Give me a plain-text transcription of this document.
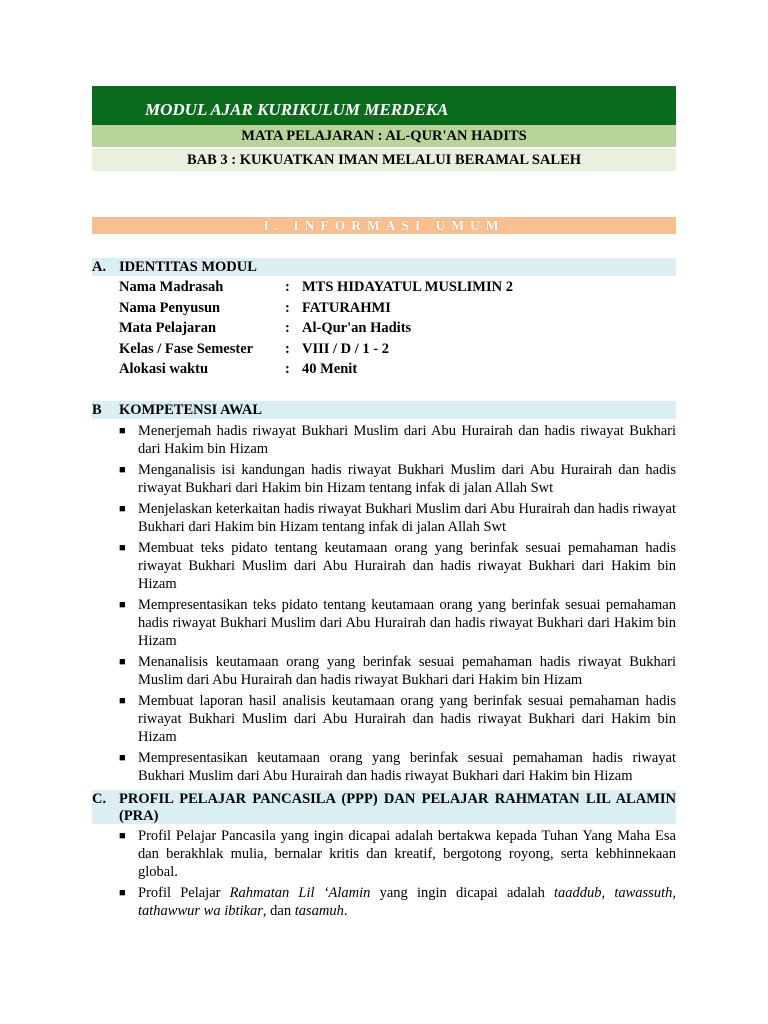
MODUL AJAR KURIKULUM MERDEKA
MATA PELAJARAN : AL-QUR'AN HADITS
BAB 3 : KUKUATKAN IMAN MELALUI BERAMAL SALEH
I. INFORMASI UMUM
A. IDENTITAS MODUL
Nama Madrasah	: MTS HIDAYATUL MUSLIMIN 2
Nama Penyusun	: FATURAHMI
Mata Pelajaran	: Al-Qur'an Hadits
Kelas / Fase Semester : VIII / D / 1 - 2
Alokasi waktu	: 40 Menit
B KOMPETENSI AWAL
■ Menerjemah hadis riwayat Bukhari Muslim dari Abu Hurairah dan hadis riwayat Bukhari dari Hakim bin Hizam
■ Menganalisis isi kandungan hadis riwayat Bukhari Muslim dari Abu Hurairah dan hadis riwayat Bukhari dari Hakim bin Hizam tentang infak di jalan Allah Swt
■ Menjelaskan keterkaitan hadis riwayat Bukhari Muslim dari Abu Hurairah dan hadis riwayat Bukhari dari Hakim bin Hizam tentang infak di jalan Allah Swt
■ Membuat teks pidato tentang keutamaan orang yang berinfak sesuai pemahaman hadis riwayat Bukhari Muslim dari Abu Hurairah dan hadis riwayat Bukhari dari Hakim bin Hizam
■ Mempresentasikan teks pidato tentang keutamaan orang yang berinfak sesuai pemahaman hadis riwayat Bukhari Muslim dari Abu Hurairah dan hadis riwayat Bukhari dari Hakim bin Hizam
■ Menanalisis keutamaan orang yang berinfak sesuai pemahaman hadis riwayat Bukhari Muslim dari Abu Hurairah dan hadis riwayat Bukhari dari Hakim bin Hizam
■ Membuat laporan hasil analisis keutamaan orang yang berinfak sesuai pemahaman hadis riwayat Bukhari Muslim dari Abu Hurairah dan hadis riwayat Bukhari dari Hakim bin Hizam
■ Mempresentasikan keutamaan orang yang berinfak sesuai pemahaman hadis riwayat Bukhari Muslim dari Abu Hurairah dan hadis riwayat Bukhari dari Hakim bin Hizam
C. PROFIL PELAJAR PANCASILA (PPP) DAN PELAJAR RAHMATAN LIL ALAMIN (PRA)
■ Profil Pelajar Pancasila yang ingin dicapai adalah bertakwa kepada Tuhan Yang Maha Esa dan berakhlak mulia, bernalar kritis dan kreatif, bergotong royong, serta kebhinnekaan global.
■ Profil Pelajar Rahmatan Lil ‘Alamin yang ingin dicapai adalah taaddub, tawassuth, tathawwur wa ibtikar, dan tasamuh.
